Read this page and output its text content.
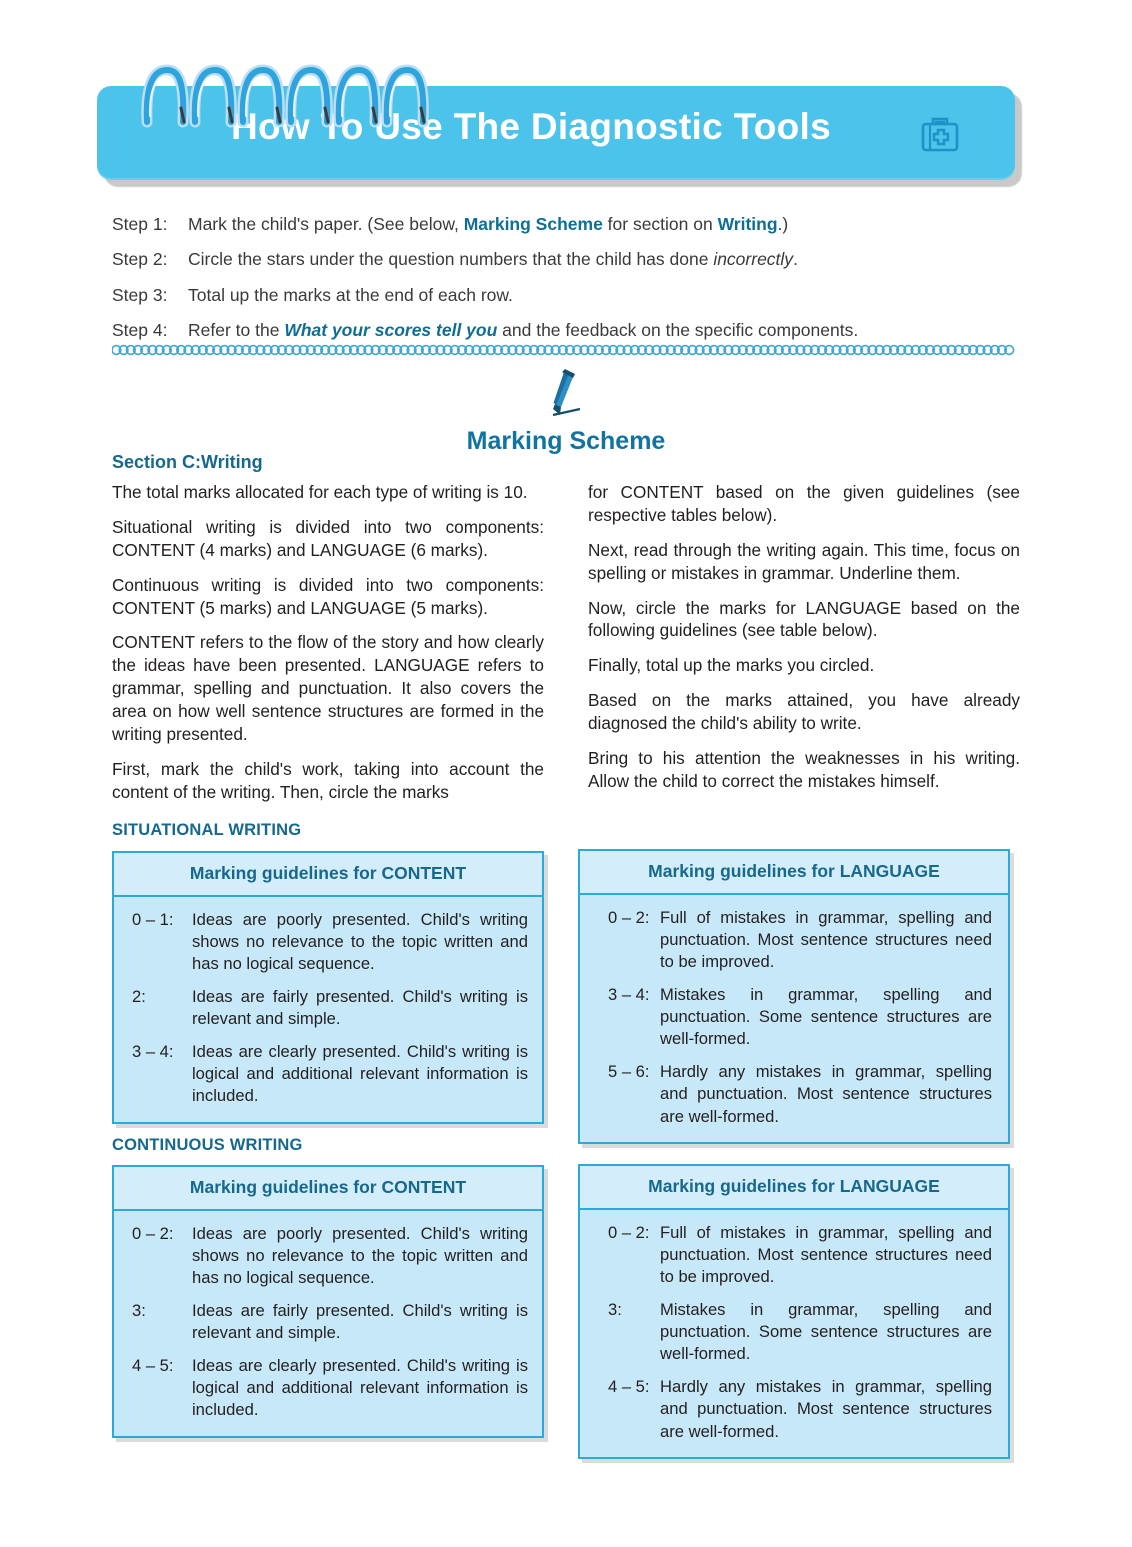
How To Use The Diagnostic Tools
Step 1:	Mark the child's paper. (See below, Marking Scheme for section on Writing.)
Step 2:	Circle the stars under the question numbers that the child has done incorrectly.
Step 3:	Total up the marks at the end of each row.
Step 4:	Refer to the What your scores tell you and the feedback on the specific components.
Marking Scheme
Section C:Writing

The total marks allocated for each type of writing is 10.

Situational writing is divided into two components: CONTENT (4 marks) and LANGUAGE (6 marks).

Continuous writing is divided into two components: CONTENT (5 marks) and LANGUAGE (5 marks).

CONTENT refers to the flow of the story and how clearly the ideas have been presented. LANGUAGE refers to grammar, spelling and punctuation. It also covers the area on how well sentence structures are formed in the writing presented.

First, mark the child's work, taking into account the content of the writing. Then, circle the marks

for CONTENT based on the given guidelines (see respective tables below).

Next, read through the writing again. This time, focus on spelling or mistakes in grammar. Underline them.

Now, circle the marks for LANGUAGE based on the following guidelines (see table below).

Finally, total up the marks you circled.

Based on the marks attained, you have already diagnosed the child's ability to write.

Bring to his attention the weaknesses in his writing. Allow the child to correct the mistakes himself.

SITUATIONAL WRITING
Marking guidelines for CONTENT
0 – 1:	Ideas are poorly presented. Child's writing shows no relevance to the topic written and has no logical sequence.
2:	Ideas are fairly presented. Child's writing is relevant and simple.
3 – 4:	Ideas are clearly presented. Child's writing is logical and additional relevant information is included.
Marking guidelines for LANGUAGE
0 – 2: Full of mistakes in grammar, spelling and punctuation. Most sentence structures need to be improved.
3 – 4: Mistakes in grammar, spelling and punctuation. Some sentence structures are well-formed.
5 – 6: Hardly any mistakes in grammar, spelling and punctuation. Most sentence structures are well-formed.
CONTINUOUS WRITING
Marking guidelines for CONTENT
0 – 2:	Ideas are poorly presented. Child's writing shows no relevance to the topic written and has no logical sequence.
3:	Ideas are fairly presented. Child's writing is relevant and simple.
4 – 5:	Ideas are clearly presented. Child's writing is logical and additional relevant information is included.
Marking guidelines for LANGUAGE
0 – 2: Full of mistakes in grammar, spelling and punctuation. Most sentence structures need to be improved.
3:	Mistakes in grammar, spelling and punctuation. Some sentence structures are well-formed.
4 – 5: Hardly any mistakes in grammar, spelling and punctuation. Most sentence structures are well-formed.
